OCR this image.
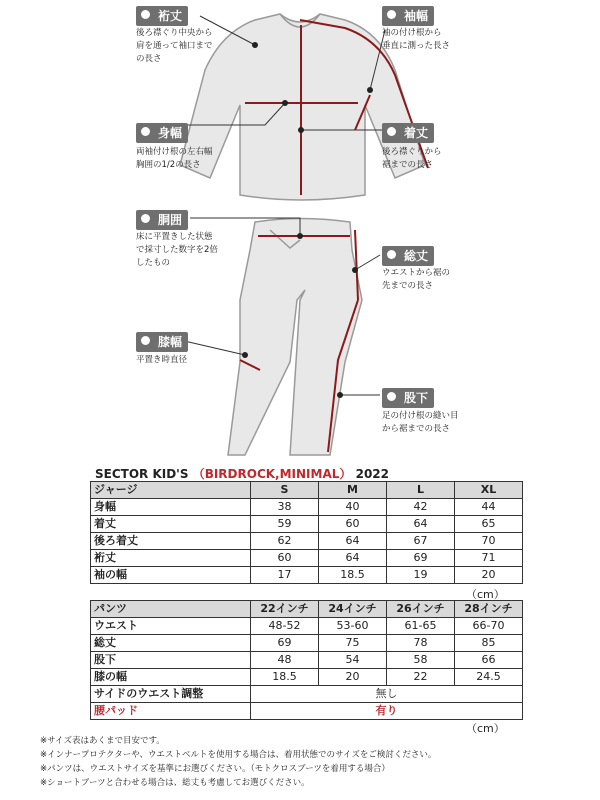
裄丈
後ろ襟ぐり中央から
肩を通って袖口まで
の長さ
袖幅
袖の付け根から
垂直に測った長さ
身幅
両袖付け根の左右幅
胸囲の1/2の長さ
着丈
後ろ襟ぐりから
裾までの長さ
胴囲
床に平置きした状態
で採寸した数字を2倍
したもの	総丈
ウエストから裾の
先までの長さ
膝幅
平置き時直径
股下
足の付け根の縫い目
から裾までの長さ
SECTOR KID'S （BIRDROCK,MINIMAL） 2022
ジャージ	S	M	L	XL
身幅	38	40	42	44
着丈	59	60	64	65
後ろ着丈	62	64	67	70
裄丈	60	64	69	71
袖の幅	17	18.5	19	20
（cm）
パンツ	22インチ	24インチ	26インチ	28インチ
ウエスト	48-52	53-60	61-65	66-70
総丈	69	75	78	85
股下	48	54	58	66
膝の幅	18.5	20	22	24.5
サイドのウエスト調整	無し			
腰パッド	有り			
（cm）
※サイズ表はあくまで目安です。
※インナープロテクターや、ウエストベルトを使用する場合は、着用状態でのサイズをご検討ください。
※パンツは、ウエストサイズを基準にお選びください。（モトクロスブーツを着用する場合）
※ショートブーツと合わせる場合は、総丈も考慮してお選びください。
